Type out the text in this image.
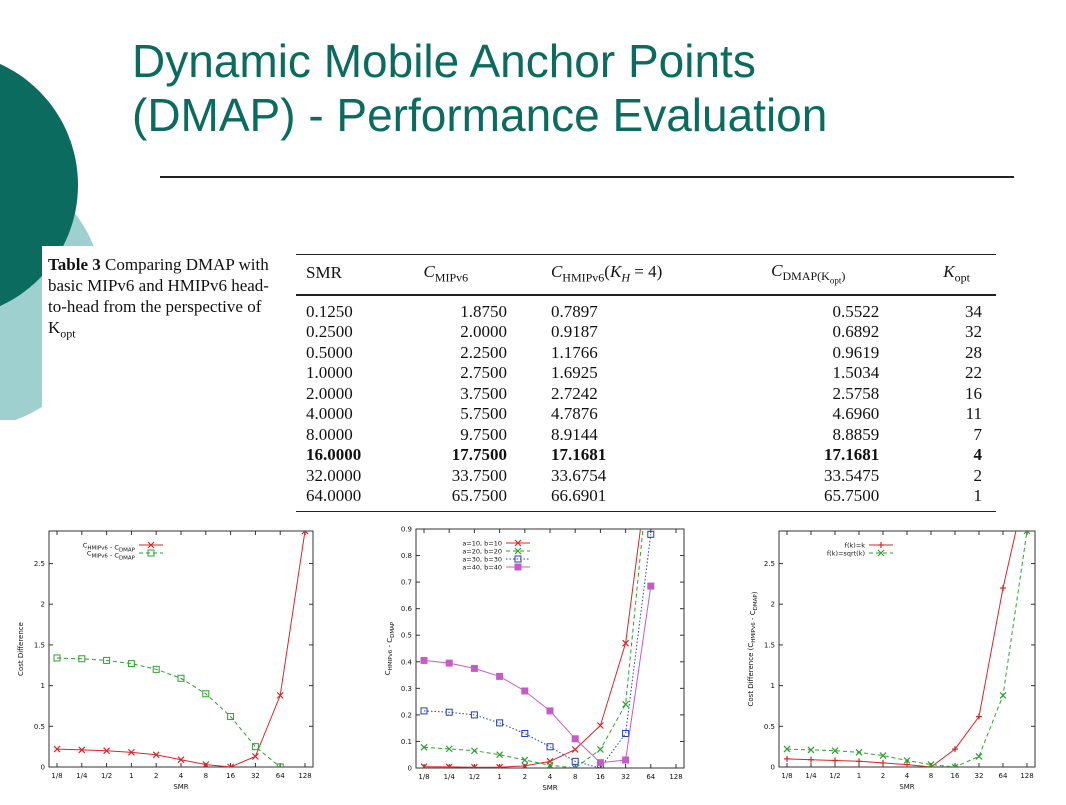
Dynamic Mobile Anchor Points
(DMAP) - Performance Evaluation
Table 3 Comparing DMAP with basic MIPv6 and HMIPv6 head-to-head from the perspective of $K_{opt}$
SMR	$C_{MIPv6}$	$C_{HMIPv6}(K_H = 4)$	$C_{DMAP(K_{opt})}$	$K_{opt}$
0.1250	1.8750	0.7897	0.5522	34
0.2500	2.0000	0.9187	0.6892	32
0.5000	2.2500	1.1766	0.9619	28
1.0000	2.7500	1.6925	1.5034	22
2.0000	3.7500	2.7242	2.5758	16
4.0000	5.7500	4.7876	4.6960	11
8.0000	9.7500	8.9144	8.8859	7
16.0000	17.7500	17.1681	17.1681	4
32.0000	33.7500	33.6754	33.5475	2
64.0000	65.7500	66.6901	65.7500	1
0
0.5
1
1.5
2
2.5
1/8 1/4 1/2 1	2	4	8	16 32 64 128
SMR
Cost Difference
$C_{HMIPv6} - C_{DMAP}$
$C_{MIPv6} - C_{DMAP}$
0
0.1
0.2
0.3
0.4
0.5
0.6
0.7
0.8
0.9
1/8 1/4 1/2 1	2	4	8	16 32 64 128
SMR
$C_{HMIPv6} - C_{DMAP}$
a=10, b=10
a=20, b=20
a=30, b=30
a=40, b=40
0
0.5
1
1.5
2
2.5
1/8 1/4 1/2 1	2	4	8 16 32 64 128
SMR
Cost Difference $(C_{HMIPv6} - C_{DMAP})$
f(k)=k
f(k)=sqrt(k)
